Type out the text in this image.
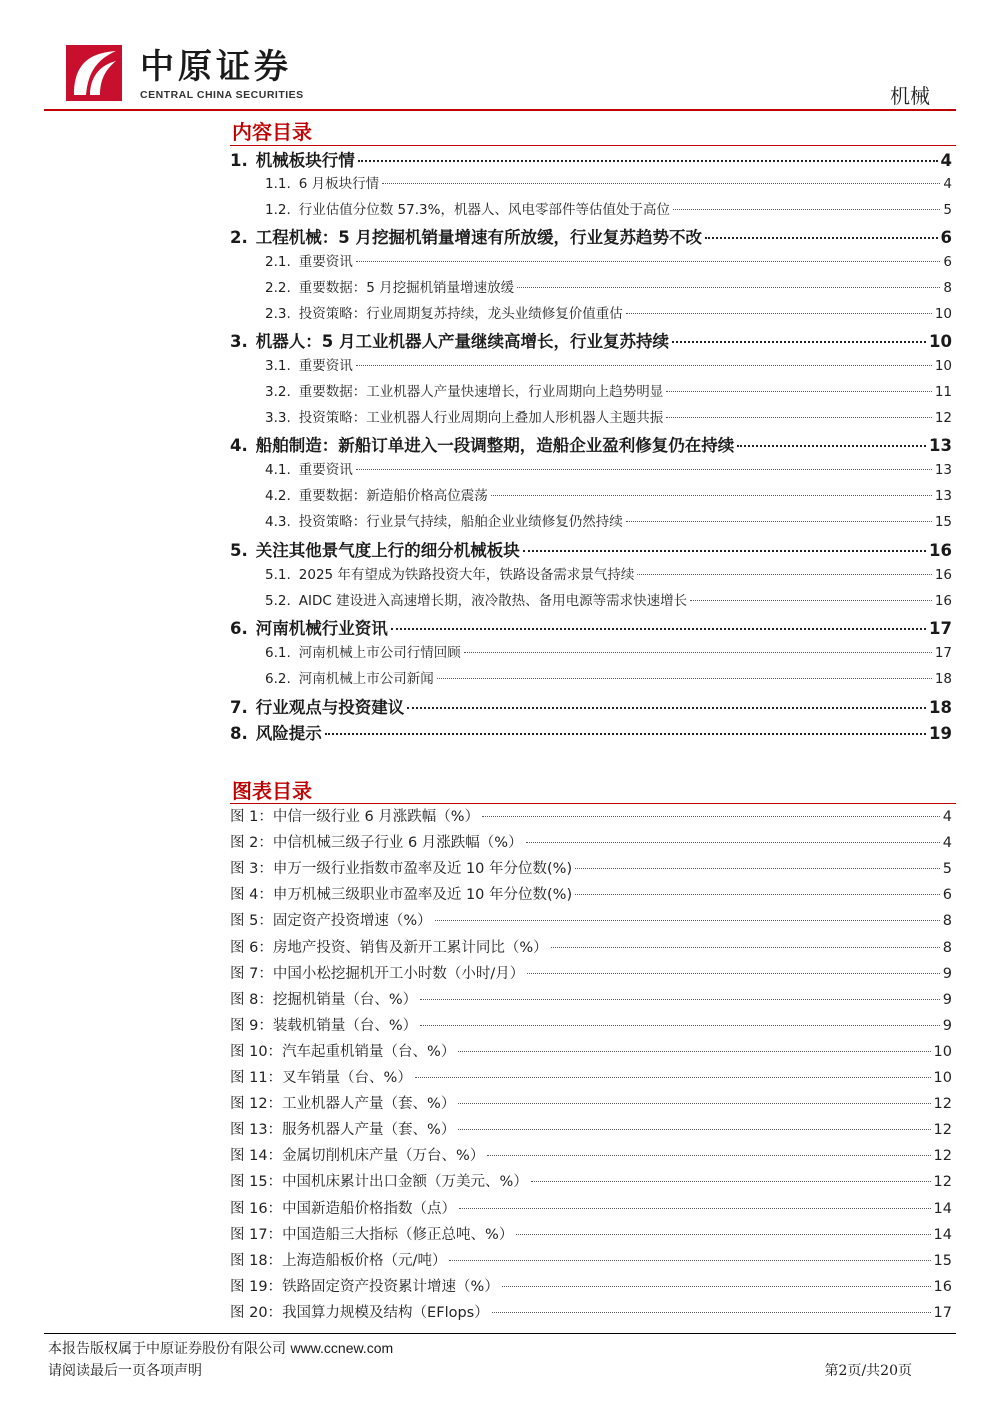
中原证券
CENTRAL CHINA SECURITIES	机械
内容目录
1. 机械板块行情	4
1.1. 6 月板块行情	4
1.2. 行业估值分位数 57.3%，机器人、风电零部件等估值处于高位	5
2. 工程机械：5 月挖掘机销量增速有所放缓，行业复苏趋势不改	6
2.1. 重要资讯	6
2.2. 重要数据：5 月挖掘机销量增速放缓	8
2.3. 投资策略：行业周期复苏持续，龙头业绩修复价值重估	10
3. 机器人：5 月工业机器人产量继续高增长，行业复苏持续	10
3.1. 重要资讯	10
3.2. 重要数据：工业机器人产量快速增长，行业周期向上趋势明显	11
3.3. 投资策略：工业机器人行业周期向上叠加人形机器人主题共振	12
4. 船舶制造：新船订单进入一段调整期，造船企业盈利修复仍在持续	13
4.1. 重要资讯	13
4.2. 重要数据：新造船价格高位震荡	13
4.3. 投资策略：行业景气持续，船舶企业业绩修复仍然持续	15
5. 关注其他景气度上行的细分机械板块	16
5.1. 2025 年有望成为铁路投资大年，铁路设备需求景气持续	16
5.2. AIDC 建设进入高速增长期，液冷散热、备用电源等需求快速增长	16
6. 河南机械行业资讯	17
6.1. 河南机械上市公司行情回顾	17
6.2. 河南机械上市公司新闻	18
7. 行业观点与投资建议	18
8. 风险提示	19
图表目录
图 1：中信一级行业 6 月涨跌幅（%）	4
图 2：中信机械三级子行业 6 月涨跌幅（%）	4
图 3：申万一级行业指数市盈率及近 10 年分位数(%)	5
图 4：申万机械三级职业市盈率及近 10 年分位数(%)	6
图 5：固定资产投资增速（%）	8
图 6：房地产投资、销售及新开工累计同比（%）	8
图 7：中国小松挖掘机开工小时数（小时/月）	9
图 8：挖掘机销量（台、%）	9
图 9：装载机销量（台、%）	9
图 10：汽车起重机销量（台、%）	10
图 11：叉车销量（台、%）	10
图 12：工业机器人产量（套、%）	12
图 13：服务机器人产量（套、%）	12
图 14：金属切削机床产量（万台、%）	12
图 15：中国机床累计出口金额（万美元、%）	12
图 16：中国新造船价格指数（点）	14
图 17：中国造船三大指标（修正总吨、%）	14
图 18：上海造船板价格（元/吨）	15
图 19：铁路固定资产投资累计增速（%）	16
图 20：我国算力规模及结构（EFlops）	17
本报告版权属于中原证券股份有限公司 www.ccnew.com
请阅读最后一页各项声明	第2页/共20页
